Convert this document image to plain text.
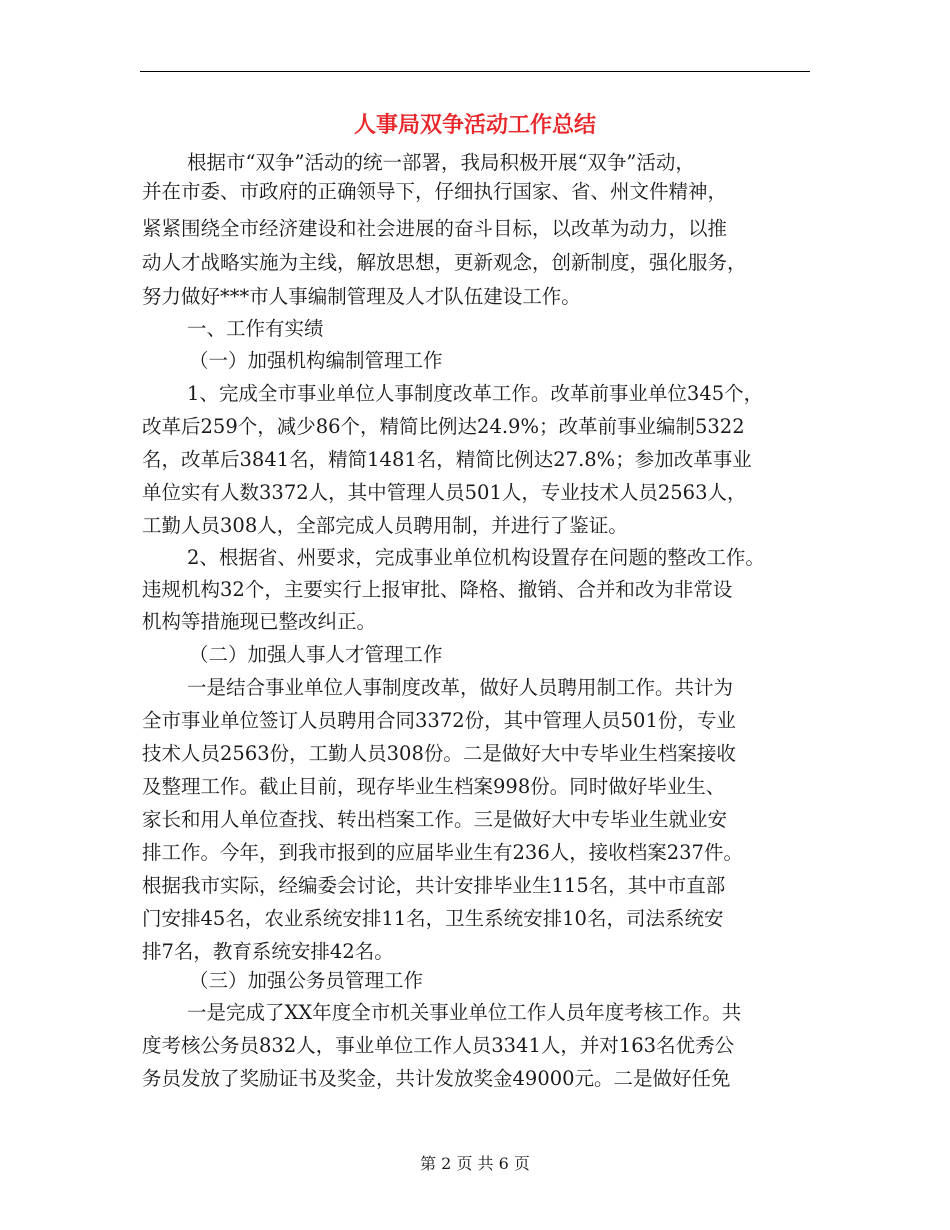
人事局双争活动工作总结
根据市“双争”活动的统一部署，我局积极开展“双争”活动，
并在市委、市政府的正确领导下，仔细执行国家、省、州文件精神，
紧紧围绕全市经济建设和社会进展的奋斗目标，以改革为动力，以推
动人才战略实施为主线，解放思想，更新观念，创新制度，强化服务，
努力做好***市人事编制管理及人才队伍建设工作。
一、工作有实绩
（一）加强机构编制管理工作
1、完成全市事业单位人事制度改革工作。改革前事业单位345个，
改革后259个，减少86个，精简比例达24.9%；改革前事业编制5322
名，改革后3841名，精简1481名，精简比例达27.8%；参加改革事业
单位实有人数3372人，其中管理人员501人，专业技术人员2563人，
工勤人员308人，全部完成人员聘用制，并进行了鉴证。
2、根据省、州要求，完成事业单位机构设置存在问题的整改工作。
违规机构32个，主要实行上报审批、降格、撤销、合并和改为非常设
机构等措施现已整改纠正。
（二）加强人事人才管理工作
一是结合事业单位人事制度改革，做好人员聘用制工作。共计为
全市事业单位签订人员聘用合同3372份，其中管理人员501份，专业
技术人员2563份，工勤人员308份。二是做好大中专毕业生档案接收
及整理工作。截止目前，现存毕业生档案998份。同时做好毕业生、
家长和用人单位查找、转出档案工作。三是做好大中专毕业生就业安
排工作。今年，到我市报到的应届毕业生有236人，接收档案237件。
根据我市实际，经编委会讨论，共计安排毕业生115名，其中市直部
门安排45名，农业系统安排11名，卫生系统安排10名，司法系统安
排7名，教育系统安排42名。
（三）加强公务员管理工作
一是完成了XX年度全市机关事业单位工作人员年度考核工作。共
度考核公务员832人，事业单位工作人员3341人，并对163名优秀公
务员发放了奖励证书及奖金，共计发放奖金49000元。二是做好任免
第 2 页 共 6 页
